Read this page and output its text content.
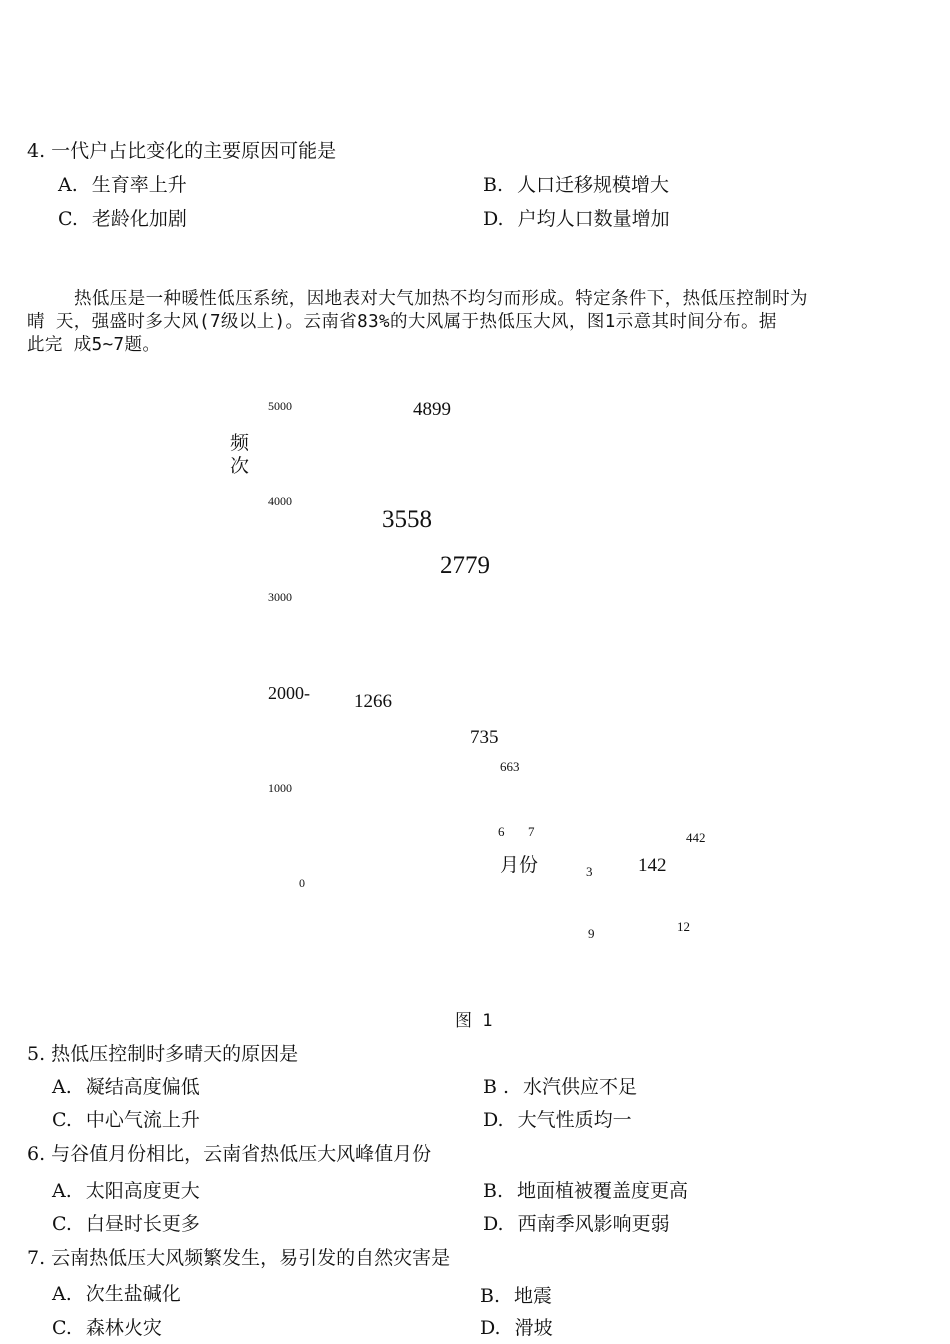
4. 一代户占比变化的主要原因可能是
A. 生育率上升	B. 人口迁移规模增大
C. 老龄化加剧	D. 户均人口数量增加
热低压是一种暖性低压系统，因地表对大气加热不均匀而形成。特定条件下，热低压控制时为
晴 天，强盛时多大风(7级以上)。云南省83%的大风属于热低压大风，图1示意其时间分布。据
此完 成5~7题。
频
次
5000
4000
3000
2000-
1000
0
4899
3558
2779
1266
735
663
442
142
6 7
3
9	12
月份
图 1
5. 热低压控制时多晴天的原因是
A. 凝结高度偏低	B . 水汽供应不足
C. 中心气流上升	D. 大气性质均一
6. 与谷值月份相比，云南省热低压大风峰值月份
A. 太阳高度更大	B. 地面植被覆盖度更高
C. 白昼时长更多	D. 西南季风影响更弱
7. 云南热低压大风频繁发生，易引发的自然灾害是
A. 次生盐碱化	B. 地震
C. 森林火灾	D. 滑坡
